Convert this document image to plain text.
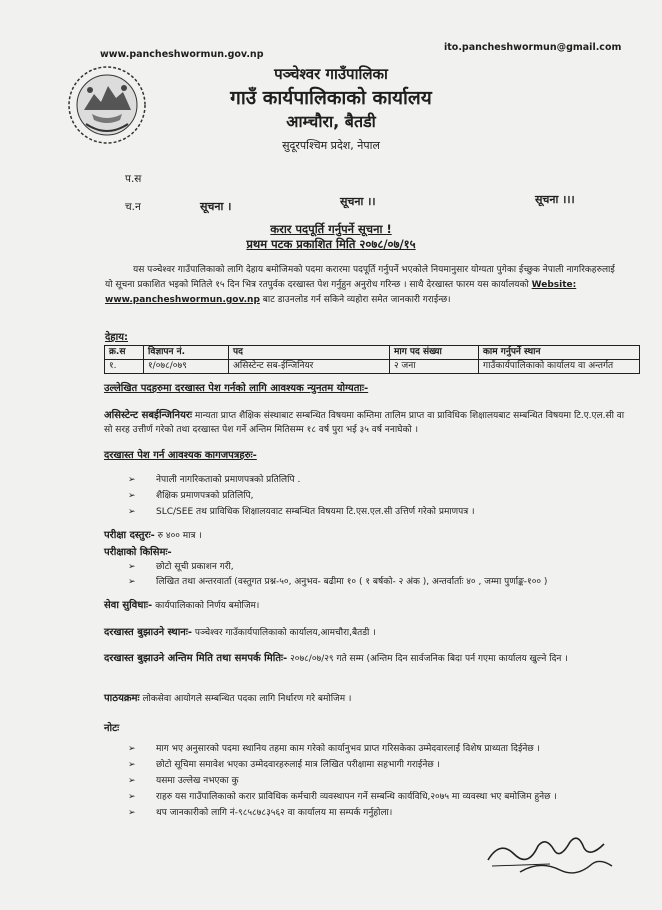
www.pancheshwormun.gov.np
ito.pancheshwormun@gmail.com
पञ्चेश्वर गाउँपालिका
गाउँ कार्यपालिकाको कार्यालय
आम्चौरा, बैतडी
सुदूरपश्चिम प्रदेश, नेपाल
प.स
च.न	सूचना ।	सूचना ।।	सूचना ।।।
करार पदपूर्ति गर्नुपर्ने सूचना !
प्रथम पटक प्रकाशित मिति २०७८/०७/१५
यस पञ्चेश्वर गाउँपालिकाको लागि देहाय बमोजिमको पदमा करारमा पदपूर्ति गर्नुपर्ने भएकोले नियमानुसार योग्यता पुगेका ईच्छुक नेपाली नागरिकहरुलाई यो सूचना प्रकाशित भइको मितिले १५ दिन भित्र रतपुर्वक दरखास्त पेश गर्नुहुन अनुरोध गरिन्छ । साथै देरखास्त फारम यस कार्यालयको Website: www.pancheshwormun.gov.np बाट डाउनलोड गर्न सकिने व्यहोरा समेत जानकारी गराईन्छ।
देहाय:
क्र.स	विज्ञापन नं.	पद	माग पद संख्या	काम गर्नुपर्ने स्थान
१.	१/०७८/०७९	असिस्टेन्ट सब-ईन्जिनियर	२ जना	गाउँकार्यपालिकाको कार्यालय वा अन्तर्गत
उल्लेखित पदहरुमा दरखास्त पेश गर्नको लागि आवश्यक न्युनतम योग्यताः-
असिस्टेन्ट सबईन्जिनियरः मान्यता प्राप्त शैक्षिक संस्थाबाट सम्बन्धित विषयमा कम्तिमा तालिम प्राप्त वा प्राविधिक शिक्षालयबाट सम्बन्धित विषयमा टि.ए.एल.सी वा सो सरह उत्तीर्ण गरेको तथा दरखास्त पेश गर्ने अन्तिम मितिसम्म १८ वर्ष पुरा भई ३५ वर्ष ननाघेको ।
दरखास्त पेश गर्न आवश्यक कागजपत्रहरुः-
➢ नेपाली नागरिकताको प्रमाणपत्रको प्रतिलिपि .
➢ शैक्षिक प्रमाणपत्रको प्रतिलिपि,
➢ SLC/SEE तथ प्राविधिक शिक्षालयवाट सम्बन्धित विषयमा टि.एस.एल.सी उत्तिर्ण गरेको प्रमाणपत्र ।
परीक्षा दस्तुरः- रु ४०० मात्र ।
परीक्षाको किसिमः-
➢ छोटो सूची प्रकाशन गरी,
➢ लिखित तथा अन्तरवार्ता (वस्तुगत प्रश्न-५०, अनुभव- बढीमा १० ( १ बर्षको- २ अंक ), अन्तर्वार्ताः ४० , जम्मा पुर्णाङ्क-१०० )
सेवा सुविधाः- कार्यपालिकाको निर्णय बमोजिम।
दरखास्त बुझाउने स्थानः- पञ्चेश्वर गाउँकार्यपालिकाको कार्यालय,आमचौरा,बैतडी ।
दरखास्त बुझाउने अन्तिम मिति तथा समपर्क मितिः- २०७८/०७/२९ गते सम्म (अन्तिम दिन सार्वजनिक बिदा पर्न गएमा कार्यालय खुल्ने दिन ।
पाठयक्रमः लोकसेवा आयोगले सम्बन्धित पदका लागि निर्धारण गरे बमोजिम ।
नोटः
➢ माग भए अनुसारको पदमा स्थानिय तहमा काम गरेको कार्यानुभव प्राप्त गरिसकेका उम्मेदवारलाई विशेष प्राथ्यता दिईनेछ ।
➢ छोटो सूचिमा समावेश भएका उम्मेदवारहरुलाई मात्र लिखित परीक्षामा सहभागी गराईनेछ ।
➢ यसमा उल्लेख नभएका कु
➢ राहरु यस गाउँपालिकाको करार प्राविधिक कर्मचारी व्यवस्थापन गर्ने सम्बन्धि कार्यविधि,२०७५ मा व्यवस्था भए बमोजिम हुनेछ ।
➢ थप जानकारीको लागि नं-९८५८७८३५६२ वा कार्यालय मा सम्पर्क गर्नुहोला।
